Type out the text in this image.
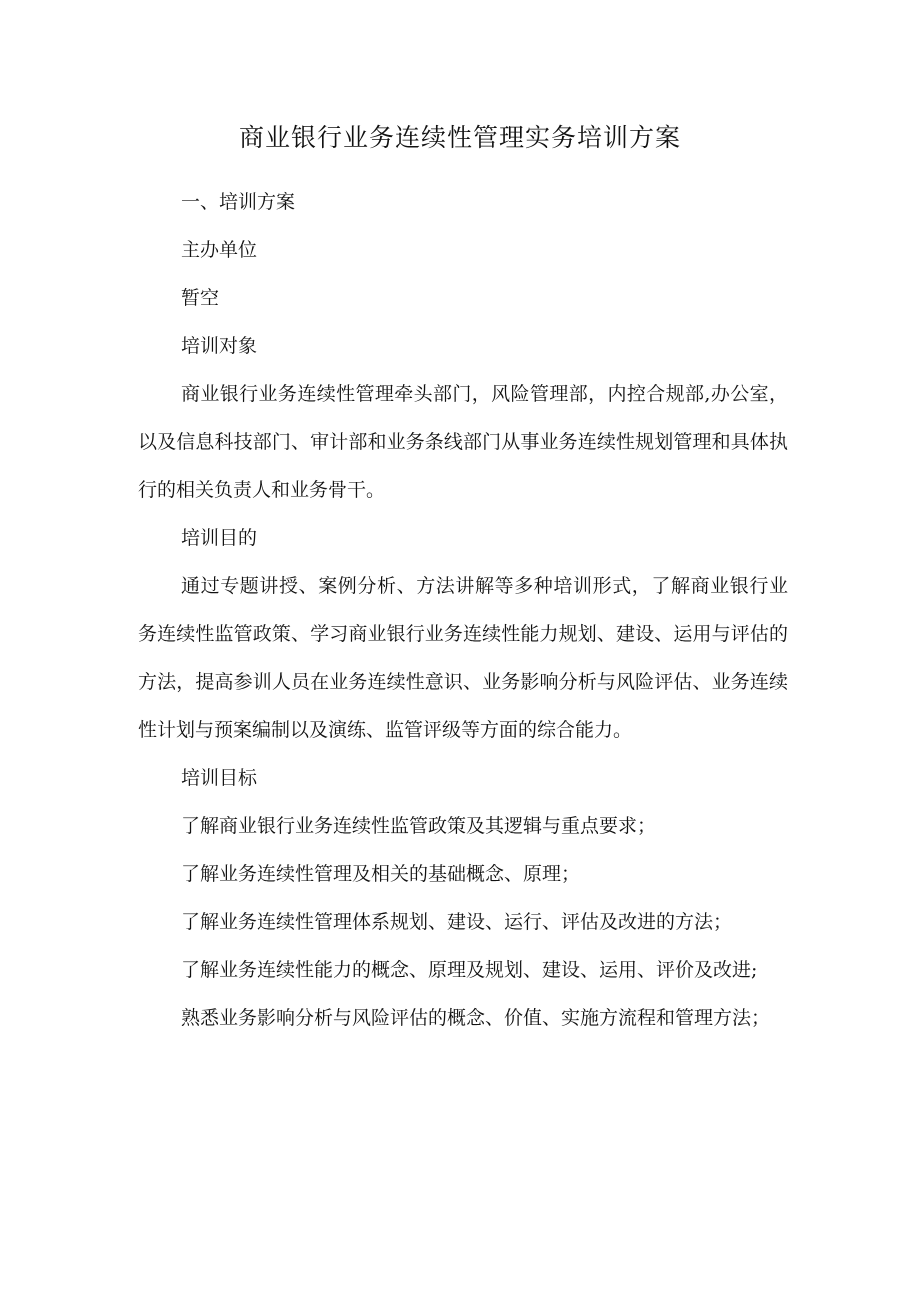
商业银行业务连续性管理实务培训方案

一、培训方案

主办单位

暂空

培训对象

商业银行业务连续性管理牵头部门，风险管理部，内控合规部,办公室，以及信息科技部门、审计部和业务条线部门从事业务连续性规划管理和具体执行的相关负责人和业务骨干。

培训目的

通过专题讲授、案例分析、方法讲解等多种培训形式，了解商业银行业务连续性监管政策、学习商业银行业务连续性能力规划、建设、运用与评估的方法，提高参训人员在业务连续性意识、业务影响分析与风险评估、业务连续性计划与预案编制以及演练、监管评级等方面的综合能力。

培训目标

了解商业银行业务连续性监管政策及其逻辑与重点要求；

了解业务连续性管理及相关的基础概念、原理；

了解业务连续性管理体系规划、建设、运行、评估及改进的方法；

了解业务连续性能力的概念、原理及规划、建设、运用、评价及改进;

熟悉业务影响分析与风险评估的概念、价值、实施方流程和管理方法；
